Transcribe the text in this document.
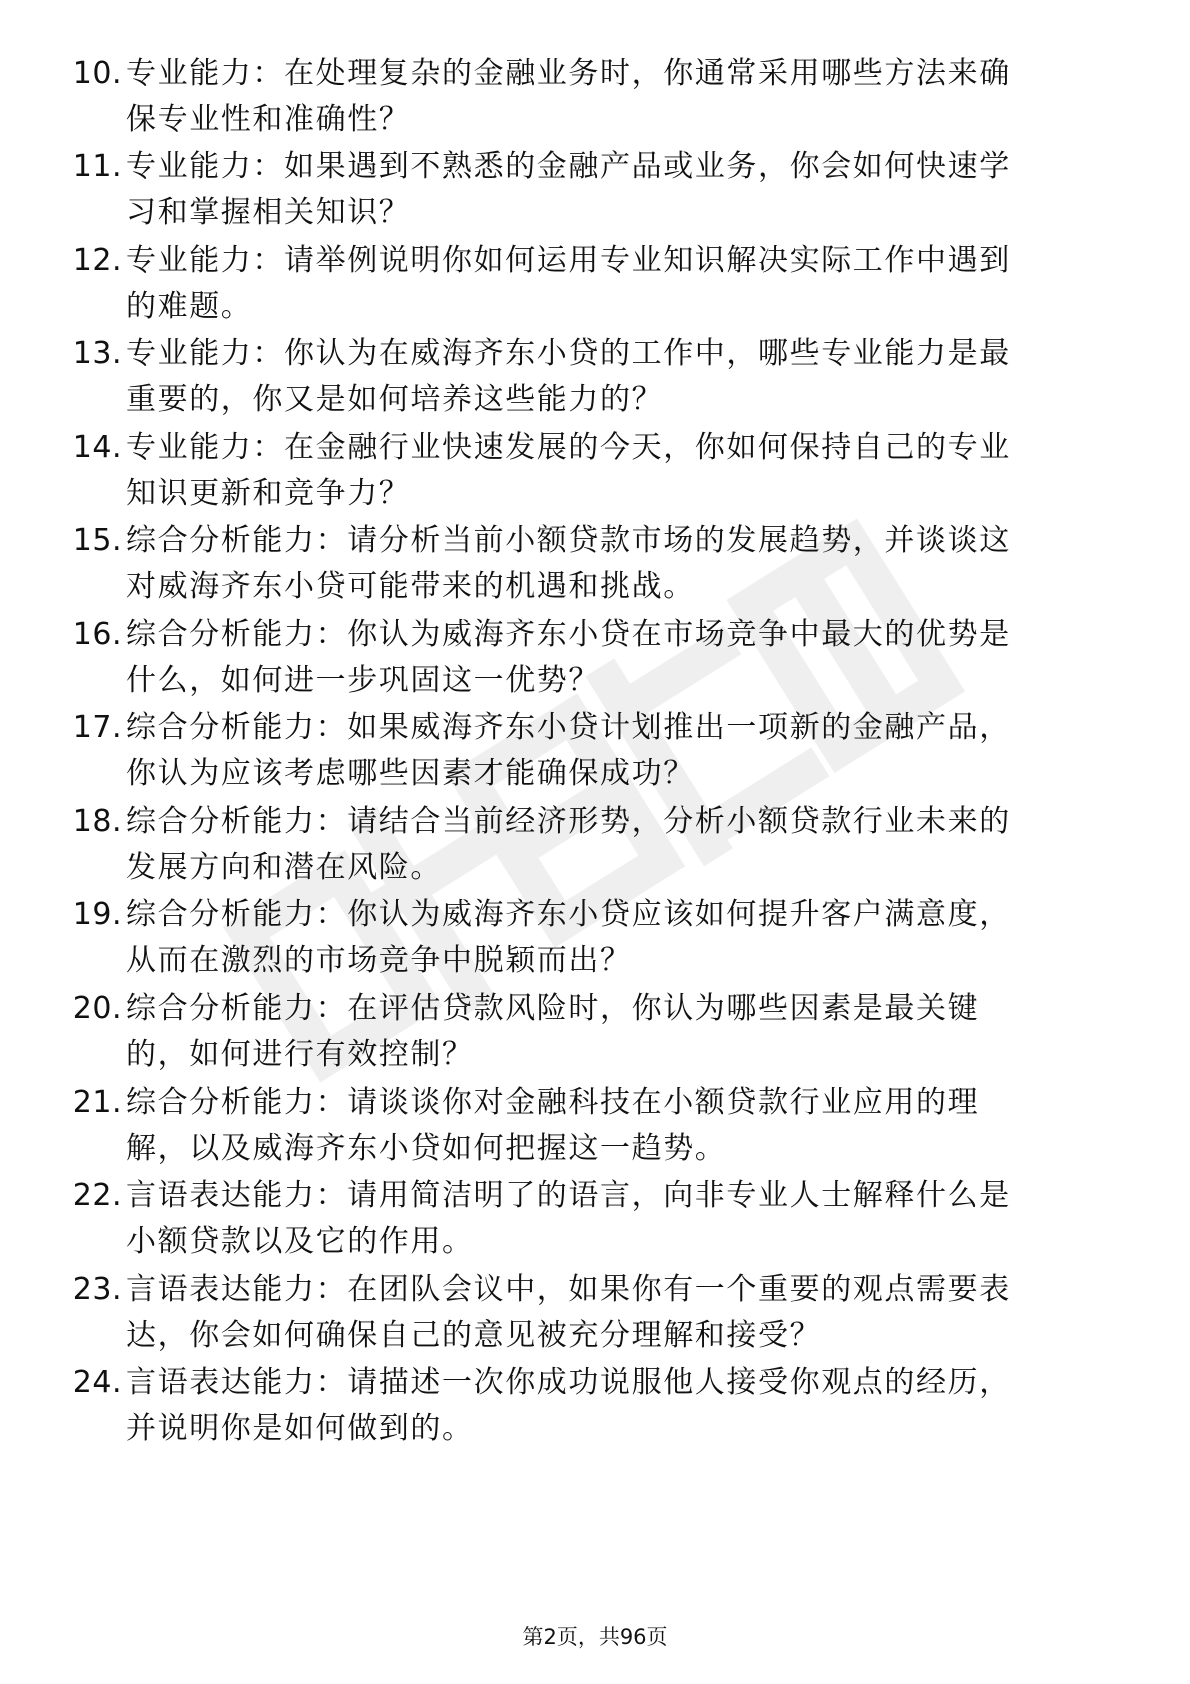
10. 专业能力：在处理复杂的金融业务时，你通常采用哪些方法来确
保专业性和准确性？
11. 专业能力：如果遇到不熟悉的金融产品或业务，你会如何快速学
习和掌握相关知识？
12. 专业能力：请举例说明你如何运用专业知识解决实际工作中遇到
的难题。
13. 专业能力：你认为在威海齐东小贷的工作中，哪些专业能力是最
重要的，你又是如何培养这些能力的？
14. 专业能力：在金融行业快速发展的今天，你如何保持自己的专业
知识更新和竞争力？
15. 综合分析能力：请分析当前小额贷款市场的发展趋势，并谈谈这
对威海齐东小贷可能带来的机遇和挑战。
16. 综合分析能力：你认为威海齐东小贷在市场竞争中最大的优势是
什么，如何进一步巩固这一优势？
17. 综合分析能力：如果威海齐东小贷计划推出一项新的金融产品，
你认为应该考虑哪些因素才能确保成功？
18. 综合分析能力：请结合当前经济形势，分析小额贷款行业未来的
发展方向和潜在风险。
19. 综合分析能力：你认为威海齐东小贷应该如何提升客户满意度，
从而在激烈的市场竞争中脱颖而出？
20. 综合分析能力：在评估贷款风险时，你认为哪些因素是最关键
的，如何进行有效控制？
21. 综合分析能力：请谈谈你对金融科技在小额贷款行业应用的理
解，以及威海齐东小贷如何把握这一趋势。
22. 言语表达能力：请用简洁明了的语言，向非专业人士解释什么是
小额贷款以及它的作用。
23. 言语表达能力：在团队会议中，如果你有一个重要的观点需要表
达，你会如何确保自己的意见被充分理解和接受？
24. 言语表达能力：请描述一次你成功说服他人接受你观点的经历，
并说明你是如何做到的。
第2页，共96页
